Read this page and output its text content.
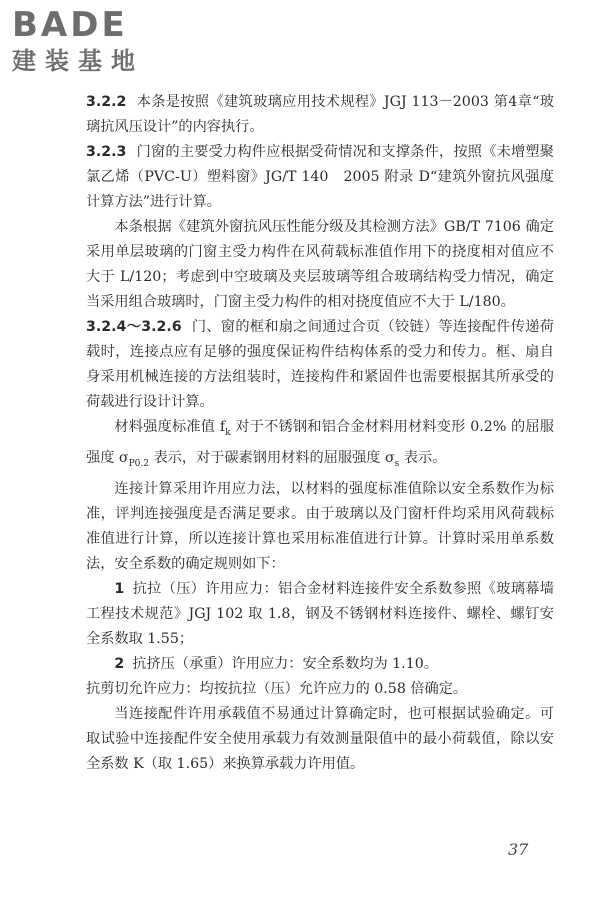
BADE
建装基地

3.2.2 本条是按照《建筑玻璃应用技术规程》JGJ 113－2003 第4章“玻璃抗风压设计”的内容执行。

3.2.3 门窗的主要受力构件应根据受荷情况和支撑条件，按照《未增塑聚氯乙烯（PVC-U）塑料窗》JG/T 140　2005 附录 D“建筑外窗抗风强度计算方法”进行计算。

本条根据《建筑外窗抗风压性能分级及其检测方法》GB/T 7106 确定采用单层玻璃的门窗主受力构件在风荷载标准值作用下的挠度相对值应不大于 L/120；考虑到中空玻璃及夹层玻璃等组合玻璃结构受力情况，确定当采用组合玻璃时，门窗主受力构件的相对挠度值应不大于 L/180。

3.2.4～3.2.6 门、窗的框和扇之间通过合页（铰链）等连接配件传递荷载时，连接点应有足够的强度保证构件结构体系的受力和传力。框、扇自身采用机械连接的方法组装时，连接构件和紧固件也需要根据其所承受的荷载进行设计计算。

材料强度标准值 $f_k$ 对于不锈钢和铝合金材料用材料变形 0.2% 的屈服强度 $\sigma_{P0.2}$ 表示，对于碳素钢用材料的屈服强度 $\sigma_s$ 表示。

连接计算采用许用应力法，以材料的强度标准值除以安全系数作为标准，评判连接强度是否满足要求。由于玻璃以及门窗杆件均采用风荷载标准值进行计算，所以连接计算也采用标准值进行计算。计算时采用单系数法，安全系数的确定规则如下：

1 抗拉（压）许用应力：铝合金材料连接件安全系数参照《玻璃幕墙工程技术规范》JGJ 102 取 1.8，钢及不锈钢材料连接件、螺栓、螺钉安全系数取 1.55；

2 抗挤压（承重）许用应力：安全系数均为 1.10。

抗剪切允许应力：均按抗拉（压）允许应力的 0.58 倍确定。

当连接配件许用承载值不易通过计算确定时，也可根据试验确定。可取试验中连接配件安全使用承载力有效测量限值中的最小荷载值，除以安全系数 K（取 1.65）来换算承载力许用值。

37
